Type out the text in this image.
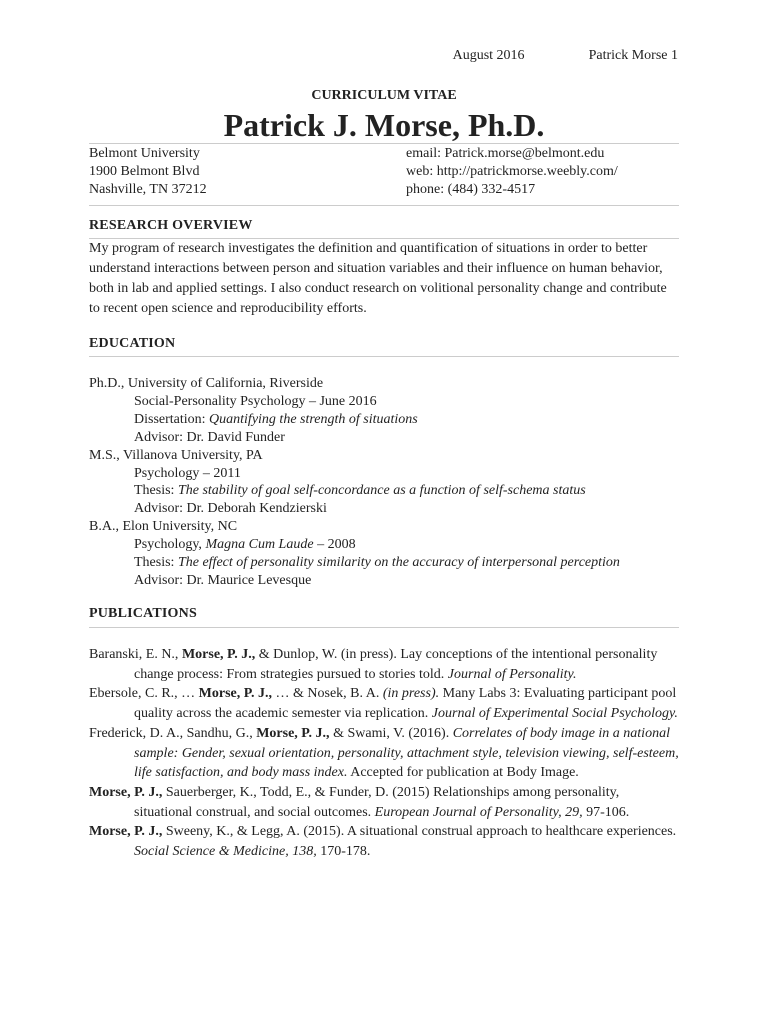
August 2016	Patrick Morse 1
CURRICULUM VITAE
Patrick J. Morse, Ph.D.
Belmont University
1900 Belmont Blvd
Nashville, TN 37212
email: Patrick.morse@belmont.edu
web: http://patrickmorse.weebly.com/
phone: (484) 332-4517
RESEARCH OVERVIEW
My program of research investigates the definition and quantification of situations in order to better understand interactions between person and situation variables and their influence on human behavior, both in lab and applied settings. I also conduct research on volitional personality change and contribute to recent open science and reproducibility efforts.
EDUCATION
Ph.D., University of California, Riverside
Social-Personality Psychology – June 2016
Dissertation: Quantifying the strength of situations
Advisor: Dr. David Funder
M.S., Villanova University, PA
Psychology – 2011
Thesis: The stability of goal self-concordance as a function of self-schema status
Advisor: Dr. Deborah Kendzierski
B.A., Elon University, NC
Psychology, Magna Cum Laude – 2008
Thesis: The effect of personality similarity on the accuracy of interpersonal perception
Advisor: Dr. Maurice Levesque
PUBLICATIONS
Baranski, E. N., Morse, P. J., & Dunlop, W. (in press). Lay conceptions of the intentional personality change process: From strategies pursued to stories told. Journal of Personality.
Ebersole, C. R., … Morse, P. J., … & Nosek, B. A. (in press). Many Labs 3: Evaluating participant pool quality across the academic semester via replication. Journal of Experimental Social Psychology.
Frederick, D. A., Sandhu, G., Morse, P. J., & Swami, V. (2016). Correlates of body image in a national sample: Gender, sexual orientation, personality, attachment style, television viewing, self-esteem, life satisfaction, and body mass index. Accepted for publication at Body Image.
Morse, P. J., Sauerberger, K., Todd, E., & Funder, D. (2015) Relationships among personality, situational construal, and social outcomes. European Journal of Personality, 29, 97-106.
Morse, P. J., Sweeny, K., & Legg, A. (2015). A situational construal approach to healthcare experiences. Social Science & Medicine, 138, 170-178.
